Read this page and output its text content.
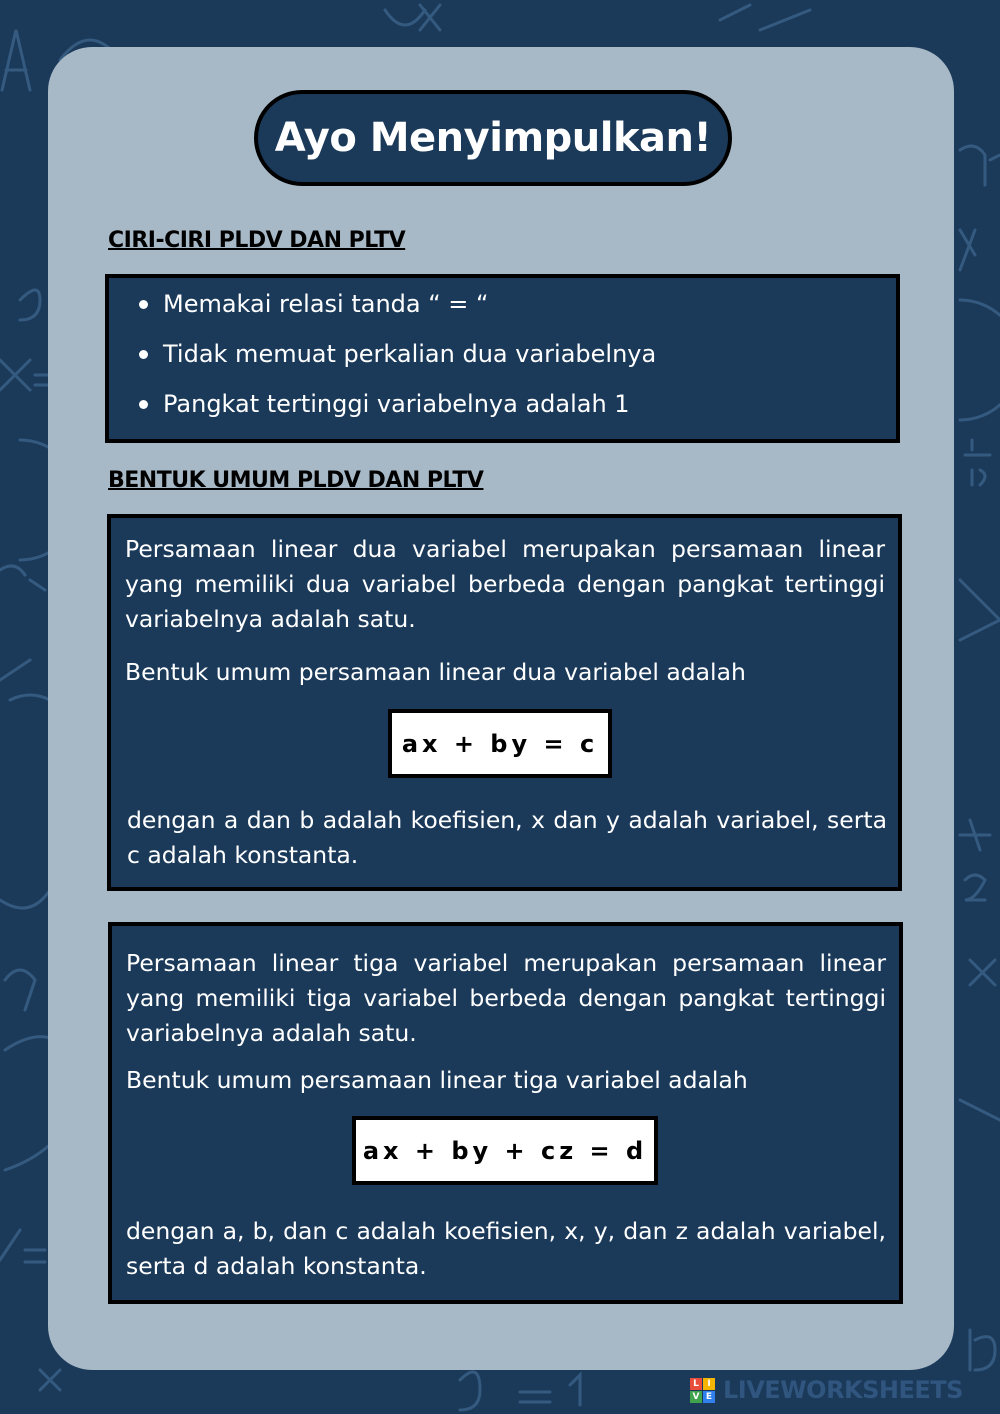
Ayo Menyimpulkan!
CIRI-CIRI PLDV DAN PLTV
Memakai relasi tanda “ = “
Tidak memuat perkalian dua variabelnya
Pangkat tertinggi variabelnya adalah 1
BENTUK UMUM PLDV DAN PLTV

Persamaan linear dua variabel merupakan persamaan linear yang memiliki dua variabel berbeda dengan pangkat tertinggi variabelnya adalah satu.

Bentuk umum persamaan linear dua variabel adalah

dengan a dan b adalah koefisien, x dan y adalah variabel, serta c adalah konstanta.

ax + by = c

Persamaan linear tiga variabel merupakan persamaan linear yang memiliki tiga variabel berbeda dengan pangkat tertinggi variabelnya adalah satu.

Bentuk umum persamaan linear tiga variabel adalah

dengan a, b, dan c adalah koefisien, x, y, dan z adalah variabel, serta d adalah konstanta.

ax + by + cz = d
L I
V E LIVEWORKSHEETS
